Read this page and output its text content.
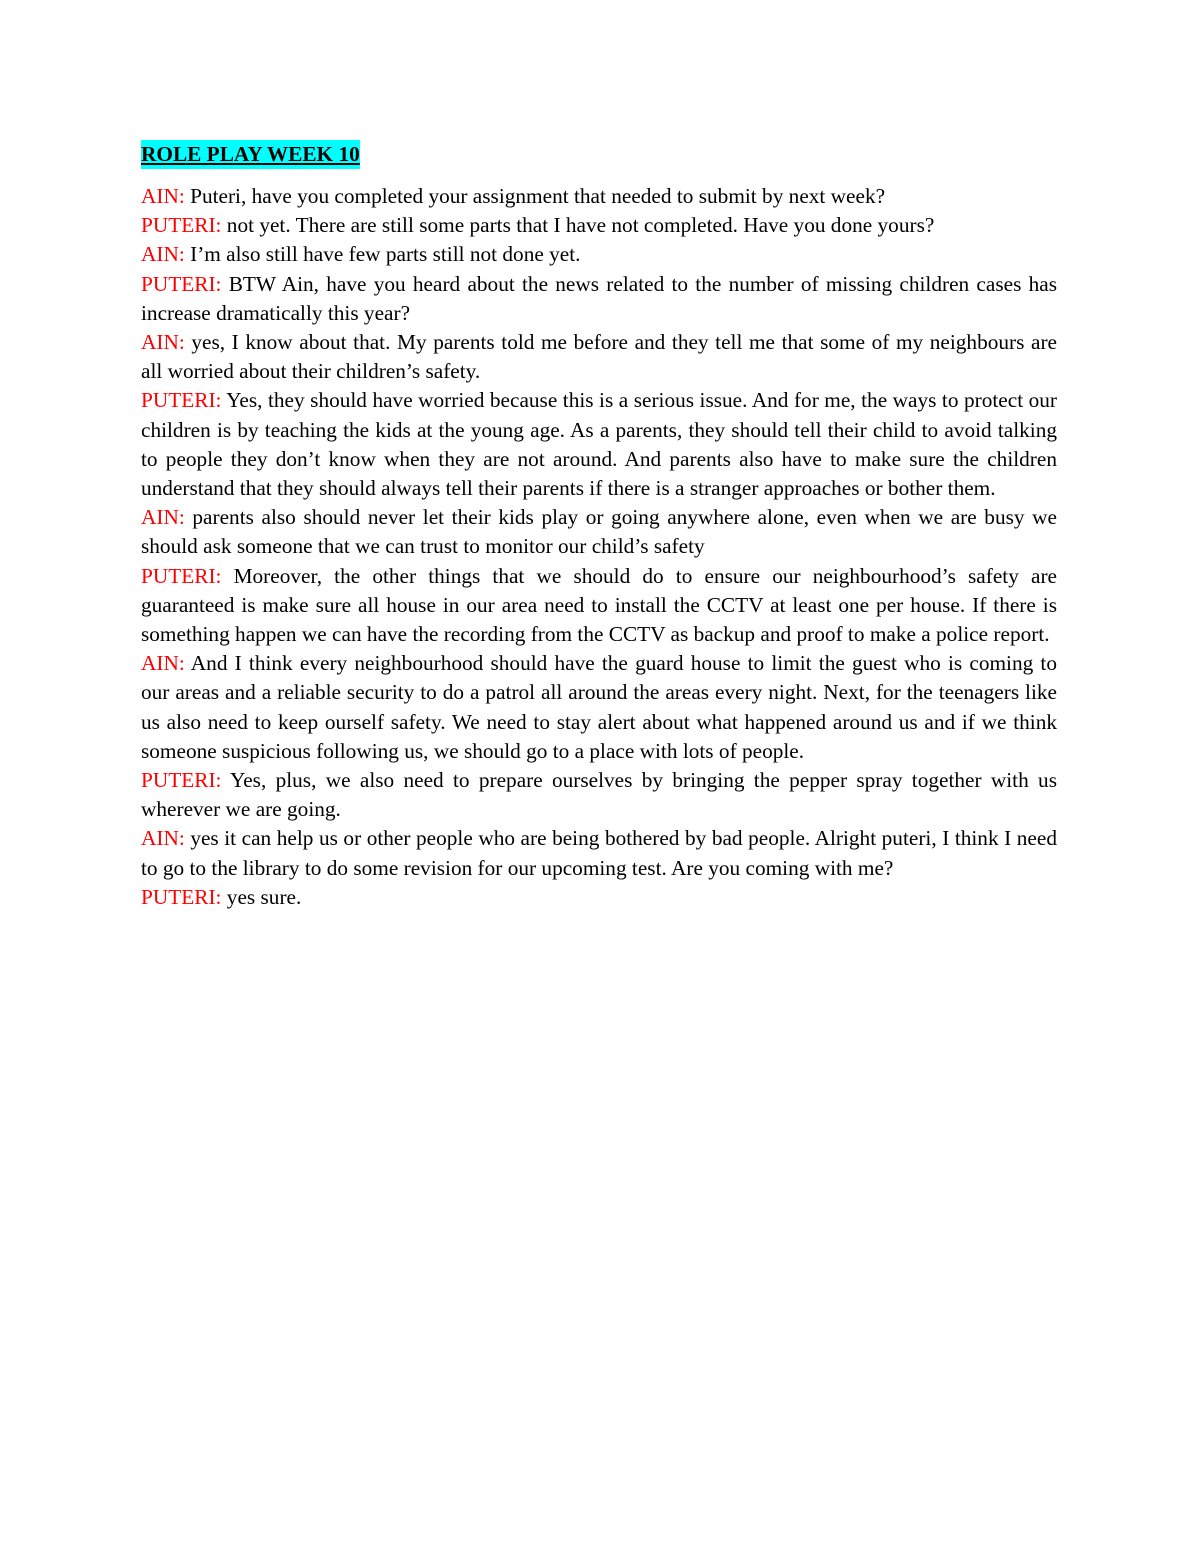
ROLE PLAY WEEK 10

AIN: Puteri, have you completed your assignment that needed to submit by next week?

PUTERI: not yet. There are still some parts that I have not completed. Have you done yours?

AIN: I’m also still have few parts still not done yet.

PUTERI: BTW Ain, have you heard about the news related to the number of missing children cases has increase dramatically this year?

AIN: yes, I know about that. My parents told me before and they tell me that some of my neighbours are all worried about their children’s safety.

PUTERI: Yes, they should have worried because this is a serious issue. And for me, the ways to protect our children is by teaching the kids at the young age. As a parents, they should tell their child to avoid talking to people they don’t know when they are not around. And parents also have to make sure the children understand that they should always tell their parents if there is a stranger approaches or bother them.

AIN: parents also should never let their kids play or going anywhere alone, even when we are busy we should ask someone that we can trust to monitor our child’s safety

PUTERI: Moreover, the other things that we should do to ensure our neighbourhood’s safety are guaranteed is make sure all house in our area need to install the CCTV at least one per house. If there is something happen we can have the recording from the CCTV as backup and proof to make a police report.

AIN: And I think every neighbourhood should have the guard house to limit the guest who is coming to our areas and a reliable security to do a patrol all around the areas every night. Next, for the teenagers like us also need to keep ourself safety. We need to stay alert about what happened around us and if we think someone suspicious following us, we should go to a place with lots of people.

PUTERI: Yes, plus, we also need to prepare ourselves by bringing the pepper spray together with us wherever we are going.

AIN: yes it can help us or other people who are being bothered by bad people. Alright puteri, I think I need to go to the library to do some revision for our upcoming test. Are you coming with me?

PUTERI: yes sure.
